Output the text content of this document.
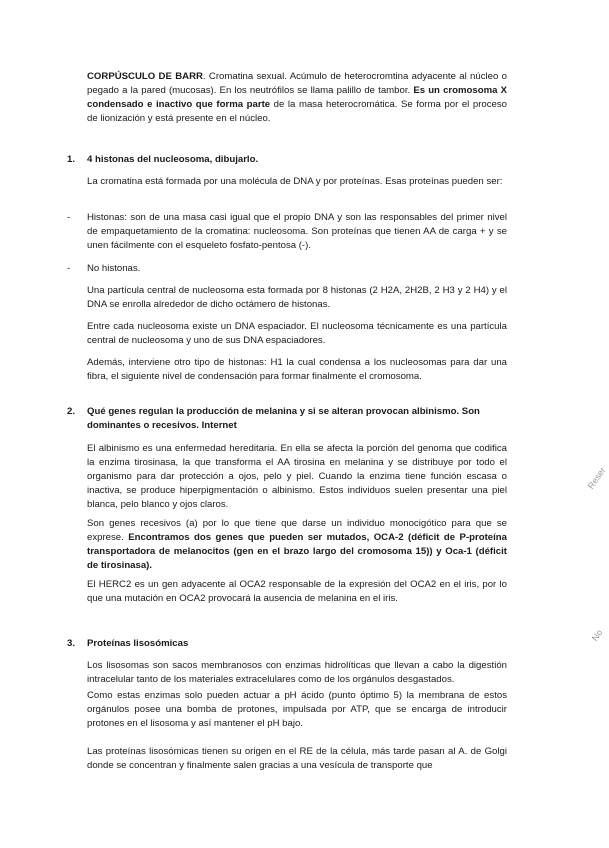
CORPÚSCULO DE BARR. Cromatina sexual. Acúmulo de heterocromtina adyacente al núcleo o pegado a la pared (mucosas). En los neutrófilos se llama palillo de tambor. Es un cromosoma X condensado e inactivo que forma parte de la masa heterocromática. Se forma por el proceso de lionización y está presente en el núcleo.

1. 4 histonas del nucleosoma, dibujarlo.

La cromatina está formada por una molécula de DNA y por proteínas. Esas proteínas pueden ser:

- Histonas: son de una masa casi igual que el propio DNA y son las responsables del primer nivel de empaquetamiento de la cromatina: nucleosoma. Son proteínas que tienen AA de carga + y se unen fácilmente con el esqueleto fosfato-pentosa (-).

- No histonas.

Una partícula central de nucleosoma esta formada por 8 histonas (2 H2A, 2H2B, 2 H3 y 2 H4) y el DNA se enrolla alrededor de dicho octámero de histonas.

Entre cada nucleosoma existe un DNA espaciador. El nucleosoma técnicamente es una partícula central de nucleosoma y uno de sus DNA espaciadores.

Además, interviene otro tipo de histonas: H1 la cual condensa a los nucleosomas para dar una fibra, el siguiente nivel de condensación para formar finalmente el cromosoma.

2. Qué genes regulan la producción de melanina y si se alteran provocan albinismo. Son dominantes o recesivos. Internet

El albinismo es una enfermedad hereditaria. En ella se afecta la porción del genoma que codifica la enzima tirosinasa, la que transforma el AA tirosina en melanina y se distribuye por todo el organismo para dar protección a ojos, pelo y piel. Cuando la enzima tiene función escasa o inactiva, se produce hiperpigmentación o albinismo. Estos individuos suelen presentar una piel blanca, pelo blanco y ojos claros.

Son genes recesivos (a) por lo que tiene que darse un individuo monocigótico para que se exprese. Encontramos dos genes que pueden ser mutados, OCA-2 (déficit de P-proteína transportadora de melanocitos (gen en el brazo largo del cromosoma 15)) y Oca-1 (déficit de tirosinasa).

El HERC2 es un gen adyacente al OCA2 responsable de la expresión del OCA2 en el iris, por lo que una mutación en OCA2 provocará la ausencia de melanina en el iris.

3. Proteínas lisosómicas

Los lisosomas son sacos membranosos con enzimas hidrolíticas que llevan a cabo la digestión intracelular tanto de los materiales extracelulares como de los orgánulos desgastados.

Como estas enzimas solo pueden actuar a pH ácido (punto óptimo 5) la membrana de estos orgánulos posee una bomba de protones, impulsada por ATP, que se encarga de introducir protones en el lisosoma y así mantener el pH bajo.

Las proteínas lisosómicas tienen su origen en el RE de la célula, más tarde pasan al A. de Golgi donde se concentran y finalmente salen gracias a una vesícula de transporte que

Reser
No
